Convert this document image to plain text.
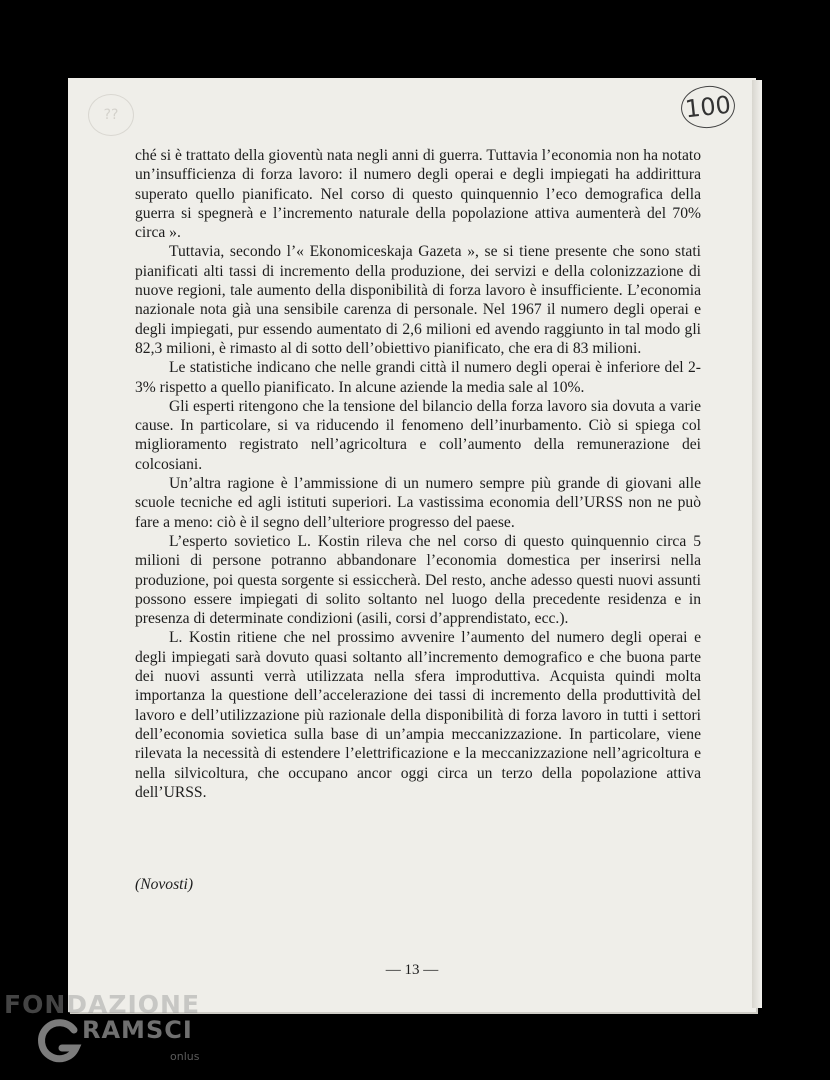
??	100

ché si è trattato della gioventù nata negli anni di guerra. Tuttavia l’economia non ha notato un’insufficienza di forza lavoro: il numero degli operai e degli impiegati ha addirittura superato quello pianificato. Nel corso di questo quinquennio l’eco demografica della guerra si spegnerà e l’incremento naturale della popolazione attiva aumenterà del 70% circa ».

Tuttavia, secondo l’« Ekonomiceskaja Gazeta », se si tiene presente che sono stati pianificati alti tassi di incremento della produzione, dei servizi e della colonizzazione di nuove regioni, tale aumento della disponibilità di forza lavoro è insufficiente. L’economia nazionale nota già una sensibile carenza di personale. Nel 1967 il numero degli operai e degli impiegati, pur essendo aumentato di 2,6 milioni ed avendo raggiunto in tal modo gli 82,3 milioni, è rimasto al di sotto dell’obiettivo pianificato, che era di 83 milioni.

Le statistiche indicano che nelle grandi città il numero degli operai è inferiore del 2-3% rispetto a quello pianificato. In alcune aziende la media sale al 10%.

Gli esperti ritengono che la tensione del bilancio della forza lavoro sia dovuta a varie cause. In particolare, si va riducendo il fenomeno dell’inurbamento. Ciò si spiega col miglioramento registrato nell’agricoltura e coll’aumento della remunerazione dei colcosiani.

Un’altra ragione è l’ammissione di un numero sempre più grande di giovani alle scuole tecniche ed agli istituti superiori. La vastissima economia dell’URSS non ne può fare a meno: ciò è il segno dell’ulteriore progresso del paese.

L’esperto sovietico L. Kostin rileva che nel corso di questo quinquennio circa 5 milioni di persone potranno abbandonare l’economia domestica per inserirsi nella produzione, poi questa sorgente si essiccherà. Del resto, anche adesso questi nuovi assunti possono essere impiegati di solito soltanto nel luogo della precedente residenza e in presenza di determinate condizioni (asili, corsi d’apprendistato, ecc.).

L. Kostin ritiene che nel prossimo avvenire l’aumento del numero degli operai e degli impiegati sarà dovuto quasi soltanto all’incremento demografico e che buona parte dei nuovi assunti verrà utilizzata nella sfera improduttiva. Acquista quindi molta importanza la questione dell’accelerazione dei tassi di incremento della produttività del lavoro e dell’utilizzazione più razionale della disponibilità di forza lavoro in tutti i settori dell’economia sovietica sulla base di un’ampia meccanizzazione. In particolare, viene rilevata la necessità di estendere l’elettrificazione e la meccanizzazione nell’agricoltura e nella silvicoltura, che occupano ancor oggi circa un terzo della popolazione attiva dell’URSS.

(Novosti)
— 13 —
FONDAZIONE
RAMSCI
onlus
